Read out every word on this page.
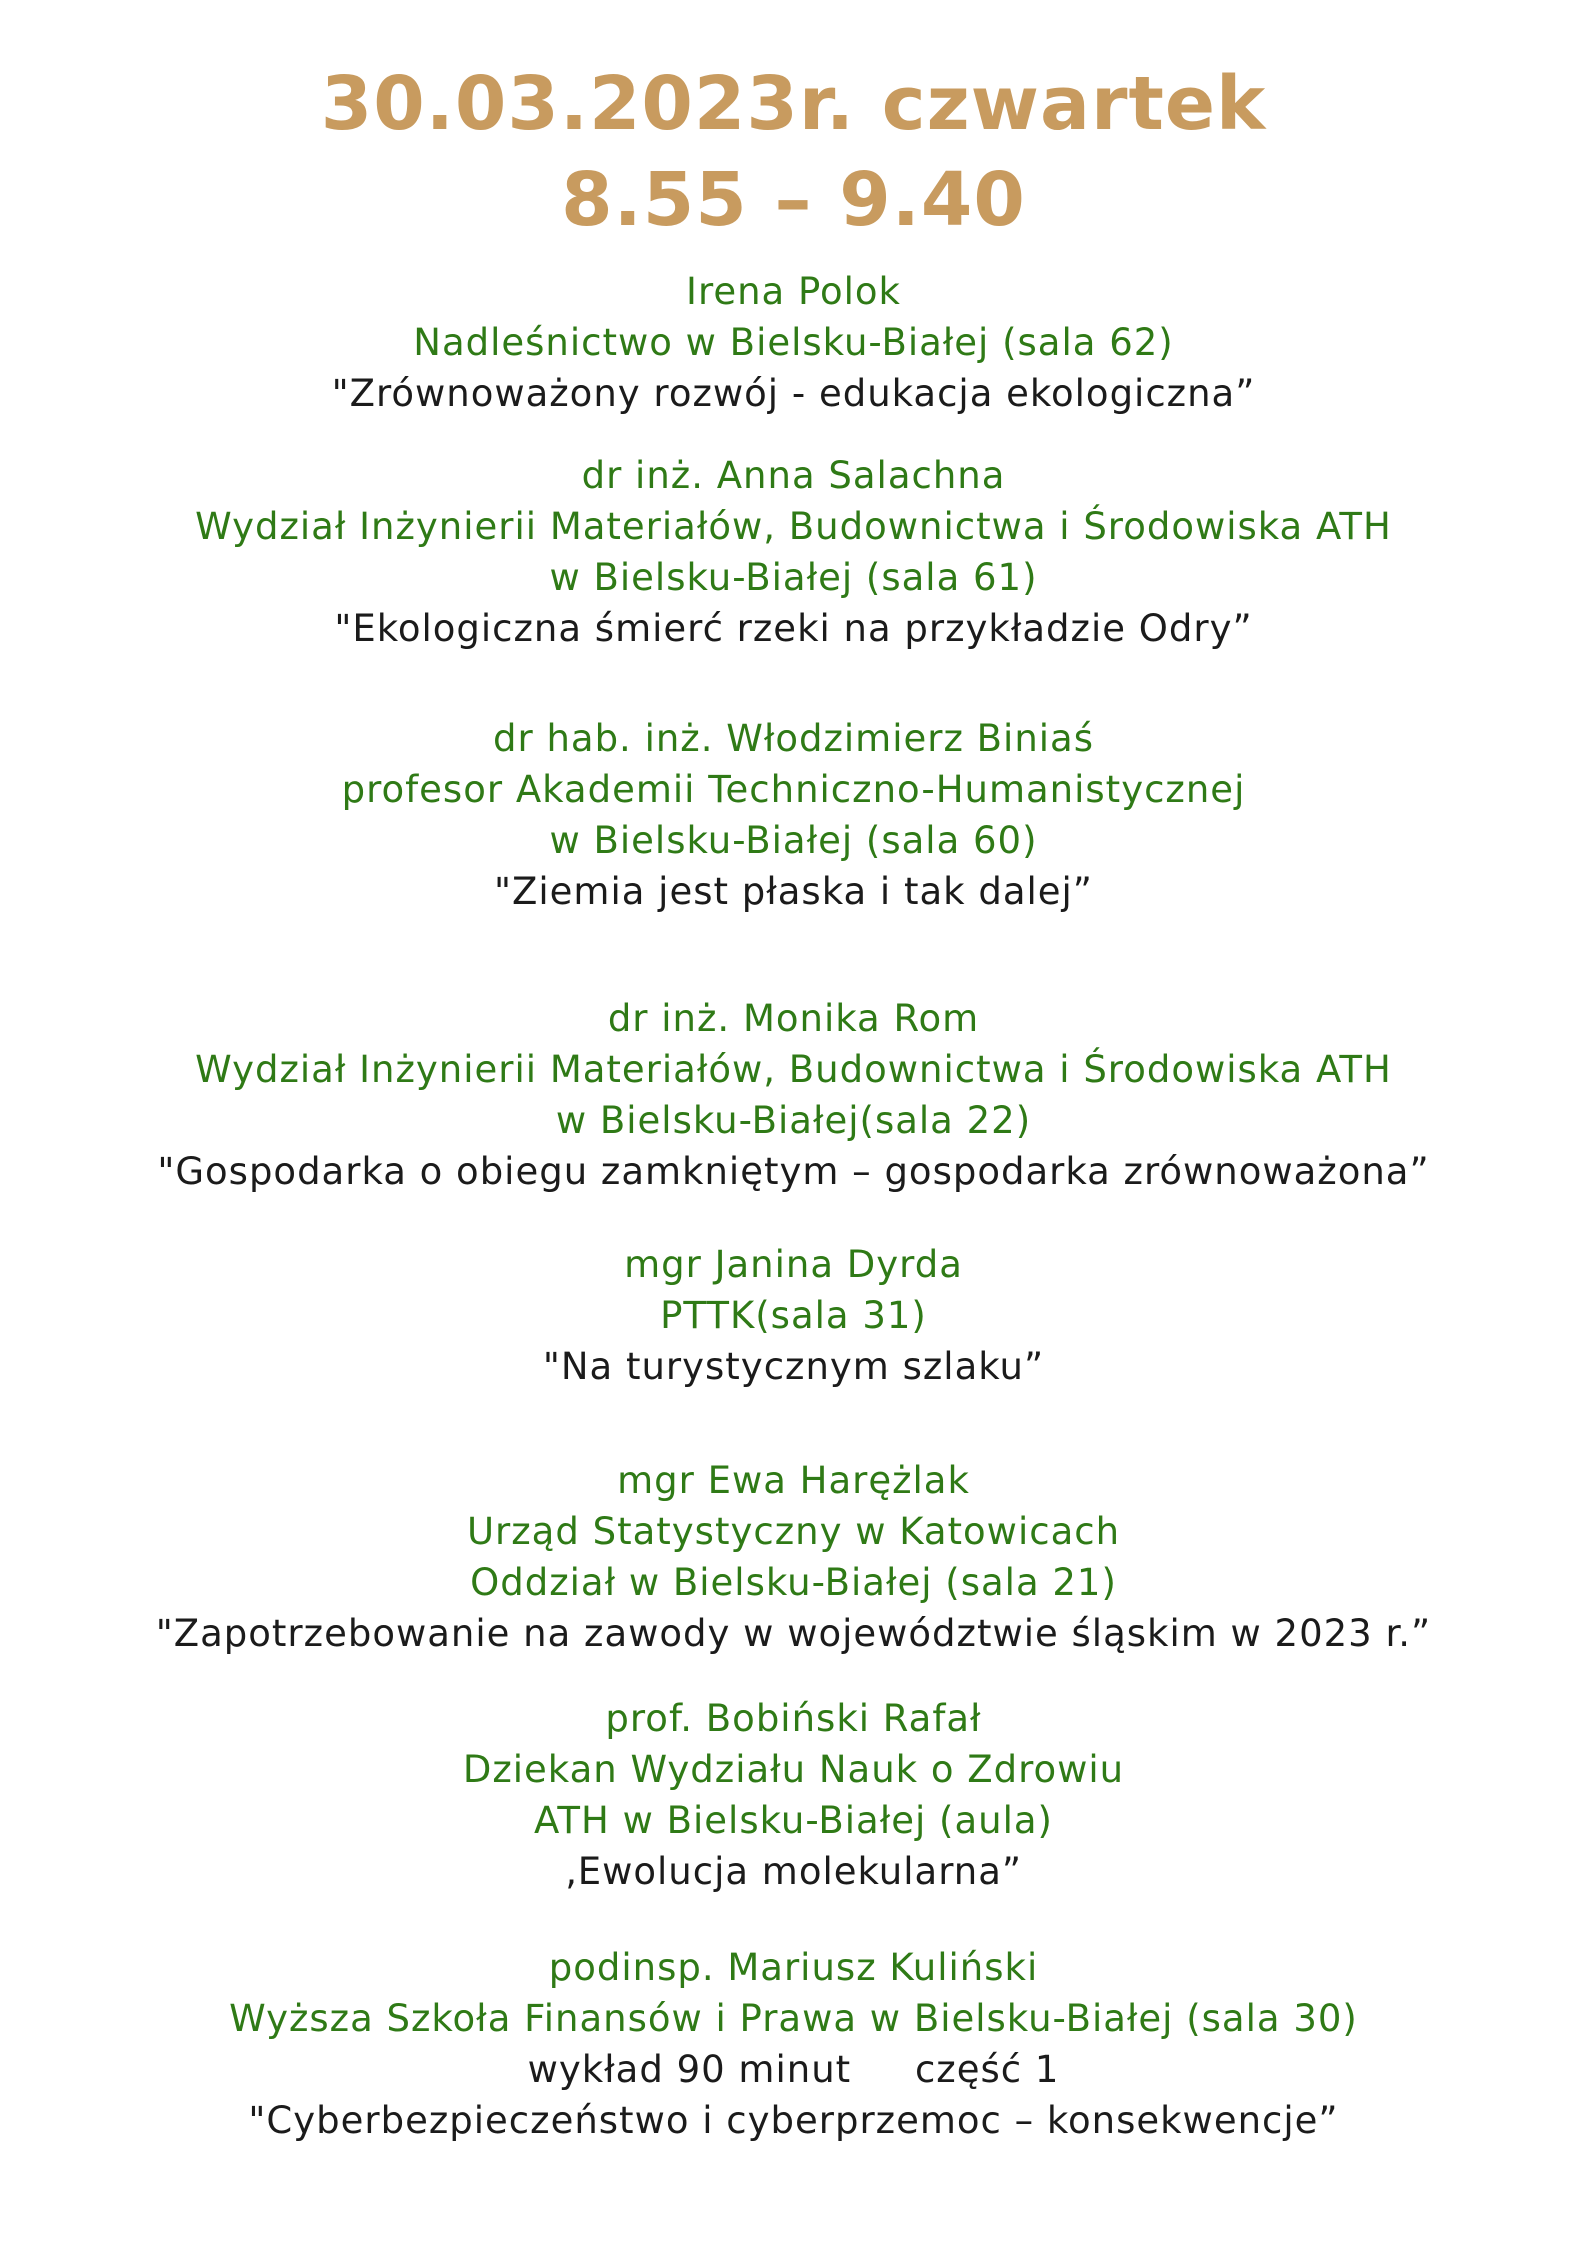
30.03.2023r. czwartek
8.55 – 9.40
Irena Polok
Nadleśnictwo w Bielsku-Białej (sala 62)
"Zrównoważony rozwój - edukacja ekologiczna”
dr inż. Anna Salachna
Wydział Inżynierii Materiałów, Budownictwa i Środowiska ATH
w Bielsku-Białej (sala 61)
"Ekologiczna śmierć rzeki na przykładzie Odry”
dr hab. inż. Włodzimierz Biniaś
profesor Akademii Techniczno-Humanistycznej
w Bielsku-Białej (sala 60)
"Ziemia jest płaska i tak dalej”
dr inż. Monika Rom
Wydział Inżynierii Materiałów, Budownictwa i Środowiska ATH
w Bielsku-Białej(sala 22)
"Gospodarka o obiegu zamkniętym – gospodarka zrównoważona”
mgr Janina Dyrda
PTTK(sala 31)
"Na turystycznym szlaku”
mgr Ewa Harężlak
Urząd Statystyczny w Katowicach
Oddział w Bielsku-Białej (sala 21)
"Zapotrzebowanie na zawody w województwie śląskim w 2023 r.”
prof. Bobiński Rafał
Dziekan Wydziału Nauk o Zdrowiu
ATH w Bielsku-Białej (aula)
‚Ewolucja molekularna”
podinsp. Mariusz Kuliński
Wyższa Szkoła Finansów i Prawa w Bielsku-Białej (sala 30)
wykład 90 minut     część 1
"Cyberbezpieczeństwo i cyberprzemoc – konsekwencje”
